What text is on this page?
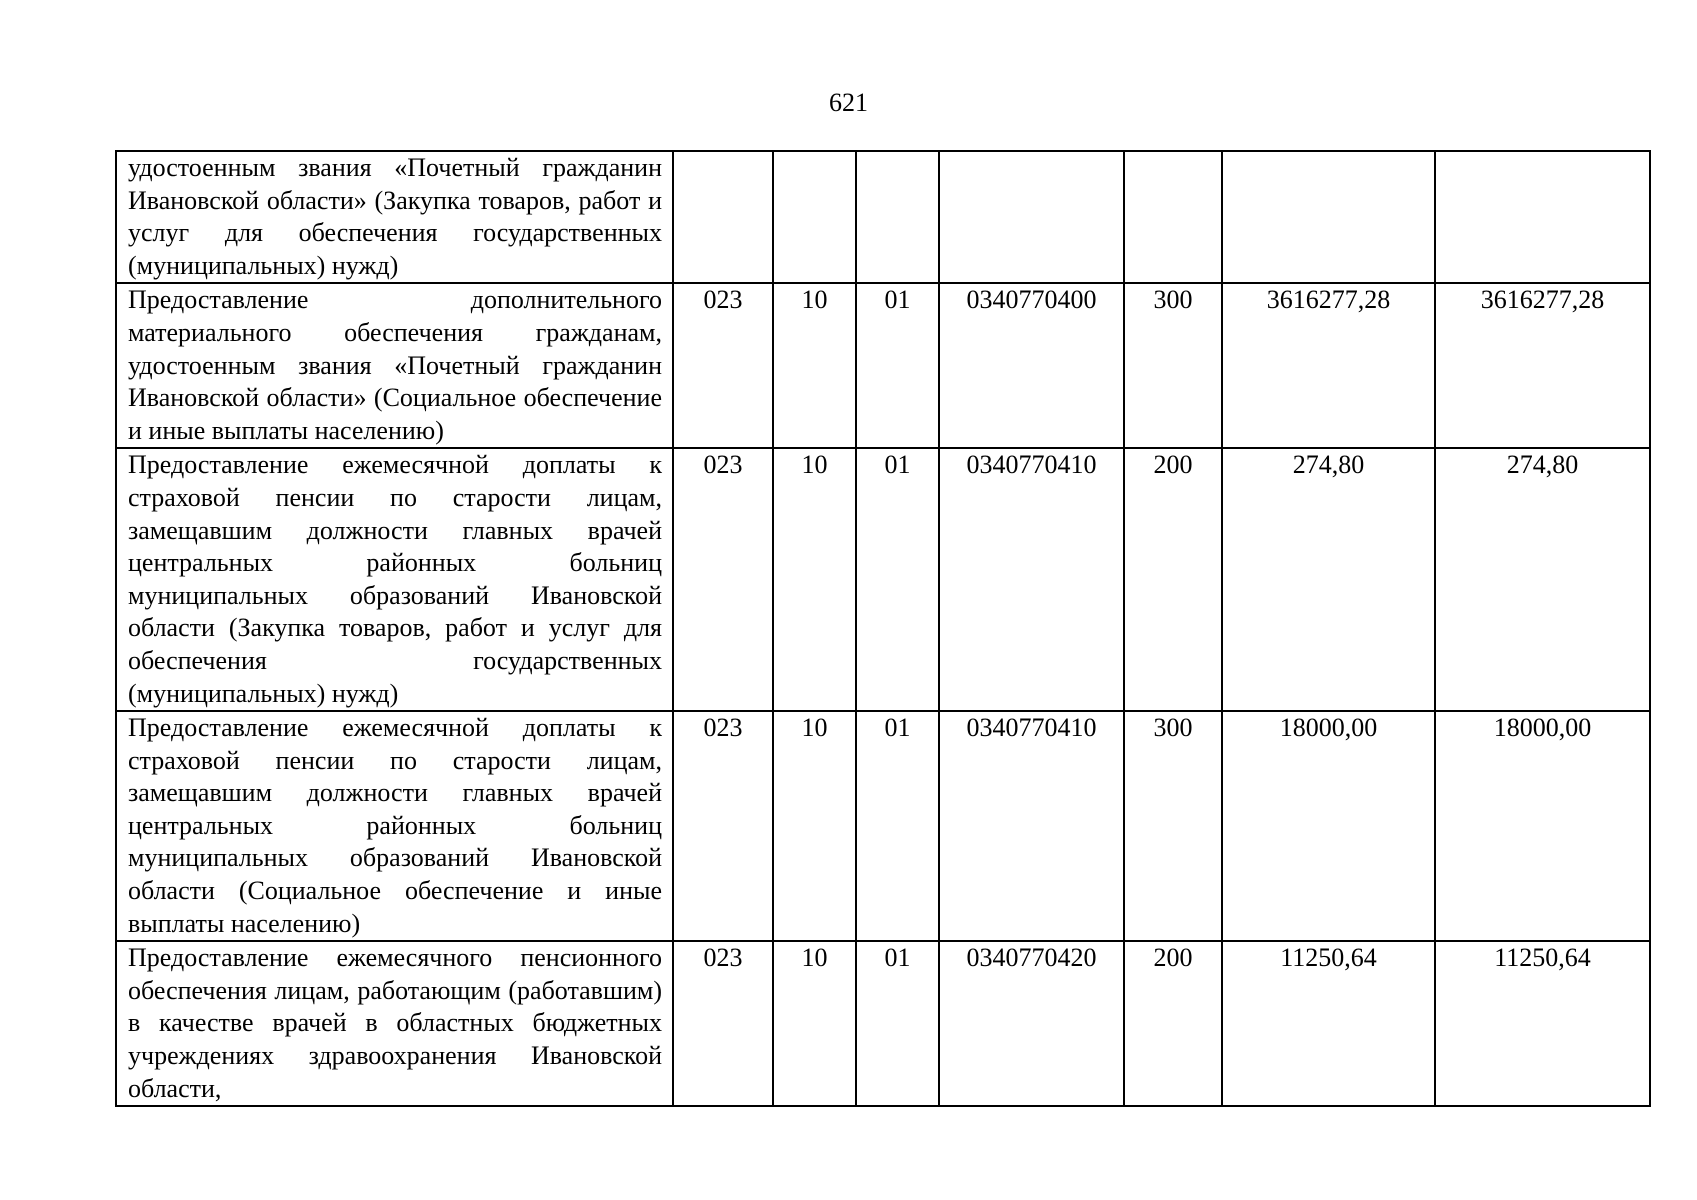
621
удостоенным звания «Почетный гражданин Ивановской области» (Закупка товаров, работ и услуг для обеспечения государственных (муниципальных) нужд)							
Предоставление дополнительного материального обеспечения гражданам, удостоенным звания «Почетный гражданин Ивановской области» (Социальное обеспечение и иные выплаты населению)	023	10	01	0340770400	300	3616277,28	3616277,28
Предоставление ежемесячной доплаты к страховой пенсии по старости лицам, замещавшим должности главных врачей центральных районных больниц муниципальных образований Ивановской области (Закупка товаров, работ и услуг для обеспечения государственных (муниципальных) нужд)	023	10	01	0340770410	200	274,80	274,80
Предоставление ежемесячной доплаты к страховой пенсии по старости лицам, замещавшим должности главных врачей центральных районных больниц муниципальных образований Ивановской области (Социальное обеспечение и иные выплаты населению)	023	10	01	0340770410	300	18000,00	18000,00
Предоставление ежемесячного пенсионного обеспечения лицам, работающим (работавшим) в качестве врачей в областных бюджетных учреждениях здравоохранения Ивановской области,	023	10	01	0340770420	200	11250,64	11250,64
